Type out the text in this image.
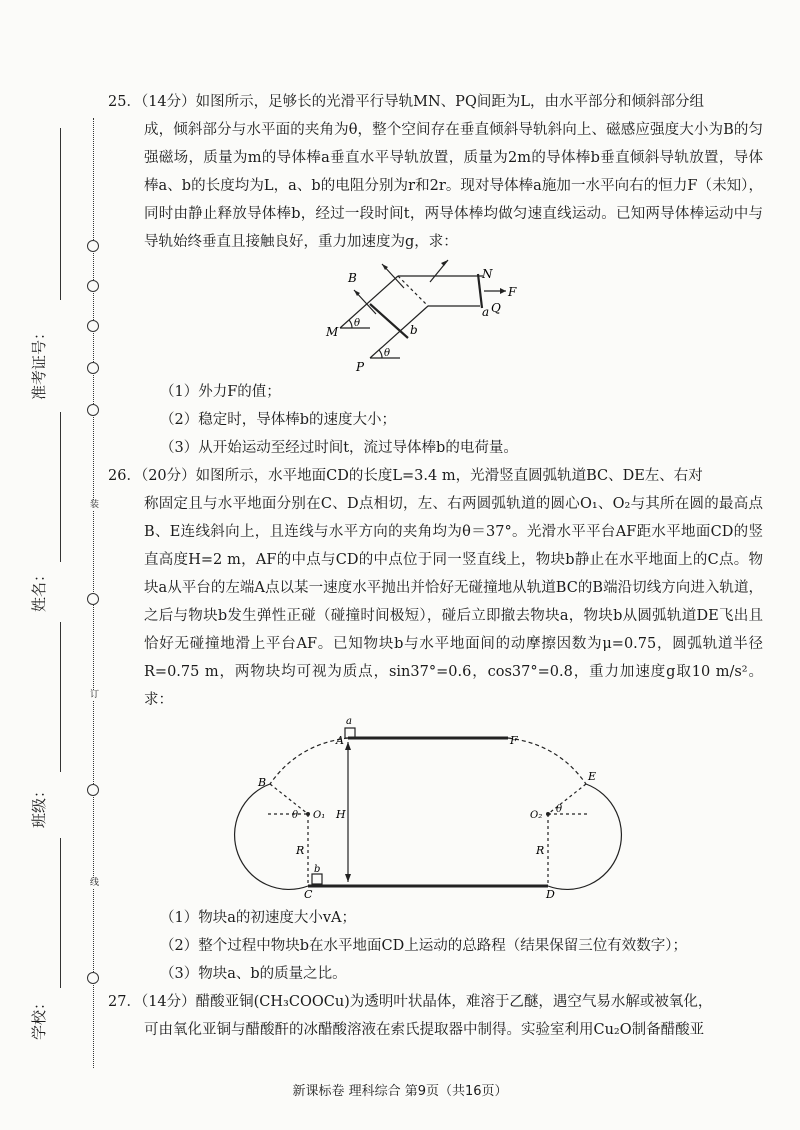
装
订
线
准考证号：
姓名：
班级：
学校：

25．（14分）如图所示，足够长的光滑平行导轨MN、PQ间距为L，由水平部分和倾斜部分组

成，倾斜部分与水平面的夹角为θ，整个空间存在垂直倾斜导轨斜向上、磁感应强度大小为B的匀强磁场，质量为m的导体棒a垂直水平导轨放置，质量为2m的导体棒b垂直倾斜导轨放置，导体棒a、b的长度均为L，a、b的电阻分别为r和2r。现对导体棒a施加一水平向右的恒力F（未知），同时由静止释放导体棒b，经过一段时间t，两导体棒均做匀速直线运动。已知两导体棒运动中与导轨始终垂直且接触良好，重力加速度为g，求：

B	N
F
a Q
M	b
P
θ
θ

（1）外力F的值；

（2）稳定时，导体棒b的速度大小；

（3）从开始运动至经过时间t，流过导体棒b的电荷量。

26．（20分）如图所示，水平地面CD的长度L=3.4 m，光滑竖直圆弧轨道BC、DE左、右对

称固定且与水平地面分别在C、D点相切，左、右两圆弧轨道的圆心O₁、O₂与其所在圆的最高点B、E连线斜向上，且连线与水平方向的夹角均为θ＝37°。光滑水平平台AF距水平地面CD的竖直高度H=2 m，AF的中点与CD的中点位于同一竖直线上，物块b静止在水平地面上的C点。物块a从平台的左端A点以某一速度水平抛出并恰好无碰撞地从轨道BC的B端沿切线方向进入轨道，之后与物块b发生弹性正碰（碰撞时间极短），碰后立即撤去物块a，物块b从圆弧轨道DE飞出且恰好无碰撞地滑上平台AF。已知物块b与水平地面间的动摩擦因数为μ=0.75，圆弧轨道半径R=0.75 m，两物块均可视为质点，sin37°=0.6，cos37°=0.8，重力加速度g取10 m/s²。求：

a
A	F
B	E
H
θ O₁	O₂
θ
R	R
b
C	D

（1）物块a的初速度大小vA；

（2）整个过程中物块b在水平地面CD上运动的总路程（结果保留三位有效数字）；

（3）物块a、b的质量之比。

27．（14分）醋酸亚铜(CH₃COOCu)为透明叶状晶体，难溶于乙醚，遇空气易水解或被氧化，

可由氧化亚铜与醋酸酐的冰醋酸溶液在索氏提取器中制得。实验室利用Cu₂O制备醋酸亚

新课标卷 理科综合 第9页（共16页）
